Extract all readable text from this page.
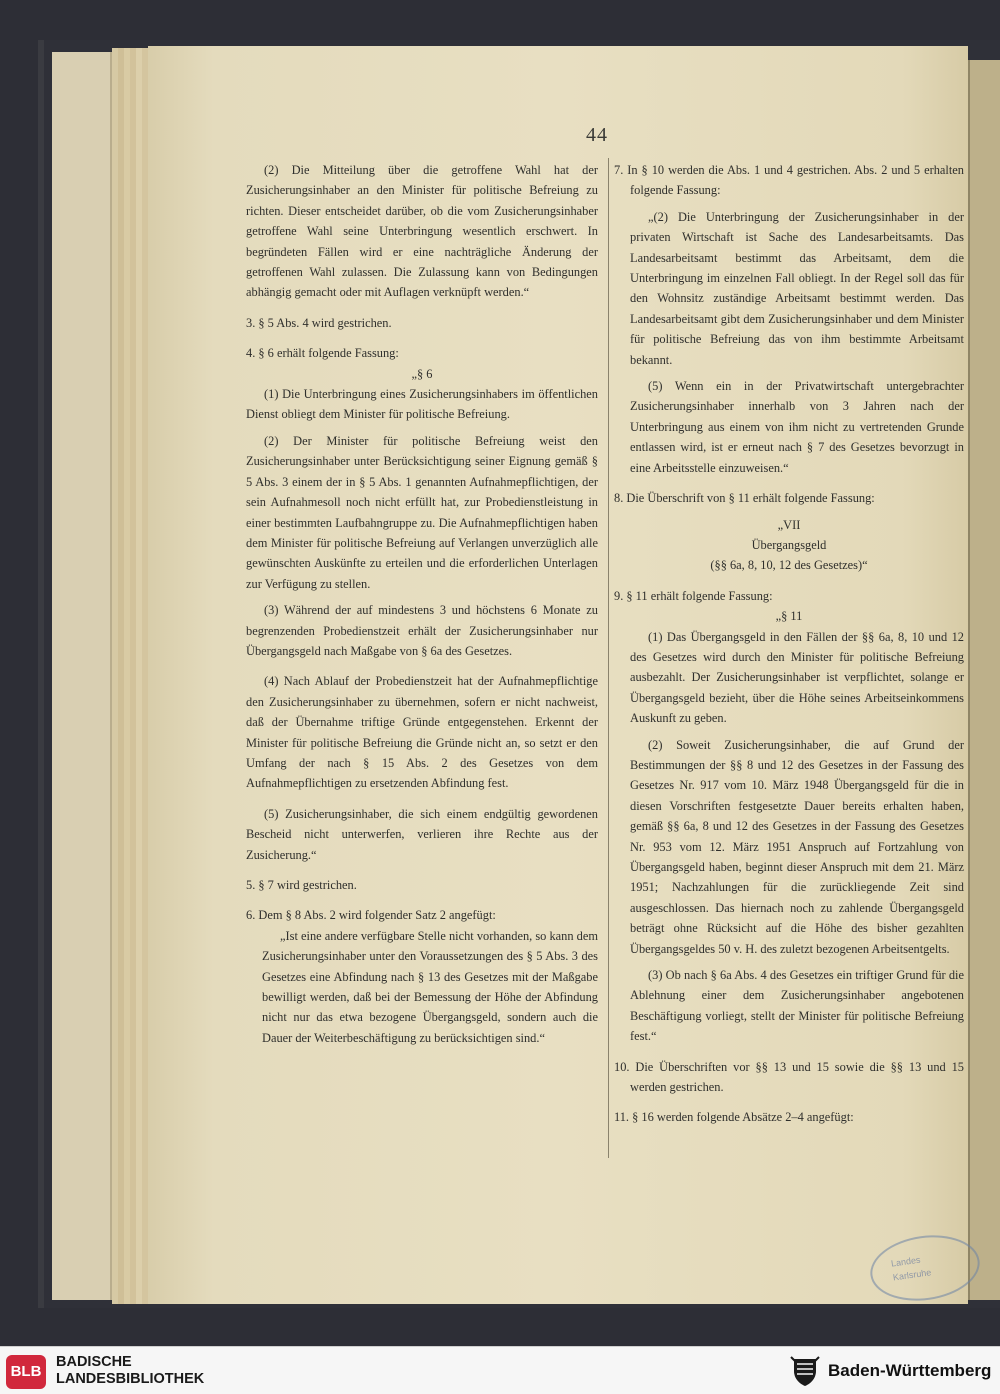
44

(2) Die Mitteilung über die getroffene Wahl hat der Zusicherungsinhaber an den Minister für politische Befreiung zu richten. Dieser entscheidet darüber, ob die vom Zusicherungsinhaber getroffene Wahl seine Unterbringung wesentlich erschwert. In begründeten Fällen wird er eine nachträgliche Änderung der getroffenen Wahl zulassen. Die Zulassung kann von Bedingungen abhängig gemacht oder mit Auflagen verknüpft werden.“

3. § 5 Abs. 4 wird gestrichen.

4. § 6 erhält folgende Fassung:

„§ 6

(1) Die Unterbringung eines Zusicherungsinhabers im öffentlichen Dienst obliegt dem Minister für politische Befreiung.

(2) Der Minister für politische Befreiung weist den Zusicherungsinhaber unter Berücksichtigung seiner Eignung gemäß § 5 Abs. 3 einem der in § 5 Abs. 1 genannten Aufnahmepflichtigen, der sein Aufnahmesoll noch nicht erfüllt hat, zur Probedienstleistung in einer bestimmten Laufbahngruppe zu. Die Aufnahmepflichtigen haben dem Minister für politische Befreiung auf Verlangen unverzüglich alle gewünschten Auskünfte zu erteilen und die erforderlichen Unterlagen zur Verfügung zu stellen.

(3) Während der auf mindestens 3 und höchstens 6 Monate zu begrenzenden Probedienstzeit erhält der Zusicherungsinhaber nur Übergangsgeld nach Maßgabe von § 6a des Gesetzes.

(4) Nach Ablauf der Probedienstzeit hat der Aufnahmepflichtige den Zusicherungsinhaber zu übernehmen, sofern er nicht nachweist, daß der Übernahme triftige Gründe entgegenstehen. Erkennt der Minister für politische Befreiung die Gründe nicht an, so setzt er den Umfang der nach § 15 Abs. 2 des Gesetzes von dem Aufnahmepflichtigen zu ersetzenden Abfindung fest.

(5) Zusicherungsinhaber, die sich einem endgültig gewordenen Bescheid nicht unterwerfen, verlieren ihre Rechte aus der Zusicherung.“

5. § 7 wird gestrichen.

6. Dem § 8 Abs. 2 wird folgender Satz 2 angefügt:

„Ist eine andere verfügbare Stelle nicht vorhanden, so kann dem Zusicherungsinhaber unter den Voraussetzungen des § 5 Abs. 3 des Gesetzes eine Abfindung nach § 13 des Gesetzes mit der Maßgabe bewilligt werden, daß bei der Bemessung der Höhe der Abfindung nicht nur das etwa bezogene Übergangsgeld, sondern auch die Dauer der Weiterbeschäftigung zu berücksichtigen sind.“

7. In § 10 werden die Abs. 1 und 4 gestrichen. Abs. 2 und 5 erhalten folgende Fassung:

„(2) Die Unterbringung der Zusicherungsinhaber in der privaten Wirtschaft ist Sache des Landesarbeitsamts. Das Landesarbeitsamt bestimmt das Arbeitsamt, dem die Unterbringung im einzelnen Fall obliegt. In der Regel soll das für den Wohnsitz zuständige Arbeitsamt bestimmt werden. Das Landesarbeitsamt gibt dem Zusicherungsinhaber und dem Minister für politische Befreiung das von ihm bestimmte Arbeitsamt bekannt.

(5) Wenn ein in der Privatwirtschaft untergebrachter Zusicherungsinhaber innerhalb von 3 Jahren nach der Unterbringung aus einem von ihm nicht zu vertretenden Grunde entlassen wird, ist er erneut nach § 7 des Gesetzes bevorzugt in eine Arbeitsstelle einzuweisen.“

8. Die Überschrift von § 11 erhält folgende Fassung:

„VII

Übergangsgeld

(§§ 6a, 8, 10, 12 des Gesetzes)“

9. § 11 erhält folgende Fassung:

„§ 11

(1) Das Übergangsgeld in den Fällen der §§ 6a, 8, 10 und 12 des Gesetzes wird durch den Minister für politische Befreiung ausbezahlt. Der Zusicherungsinhaber ist verpflichtet, solange er Übergangsgeld bezieht, über die Höhe seines Arbeitseinkommens Auskunft zu geben.

(2) Soweit Zusicherungsinhaber, die auf Grund der Bestimmungen der §§ 8 und 12 des Gesetzes in der Fassung des Gesetzes Nr. 917 vom 10. März 1948 Übergangsgeld für die in diesen Vorschriften festgesetzte Dauer bereits erhalten haben, gemäß §§ 6a, 8 und 12 des Gesetzes in der Fassung des Gesetzes Nr. 953 vom 12. März 1951 Anspruch auf Fortzahlung von Übergangsgeld haben, beginnt dieser Anspruch mit dem 21. März 1951; Nachzahlungen für die zurückliegende Zeit sind ausgeschlossen. Das hiernach noch zu zahlende Übergangsgeld beträgt ohne Rücksicht auf die Höhe des bisher gezahlten Übergangsgeldes 50 v. H. des zuletzt bezogenen Arbeitsentgelts.

(3) Ob nach § 6a Abs. 4 des Gesetzes ein triftiger Grund für die Ablehnung einer dem Zusicherungsinhaber angebotenen Beschäftigung vorliegt, stellt der Minister für politische Befreiung fest.“

10. Die Überschriften vor §§ 13 und 15 sowie die §§ 13 und 15 werden gestrichen.

11. § 16 werden folgende Absätze 2–4 angefügt:

Landes
Karlsruhe
BLB
BADISCHE
LANDESBIBLIOTHEK	Baden-Württemberg
